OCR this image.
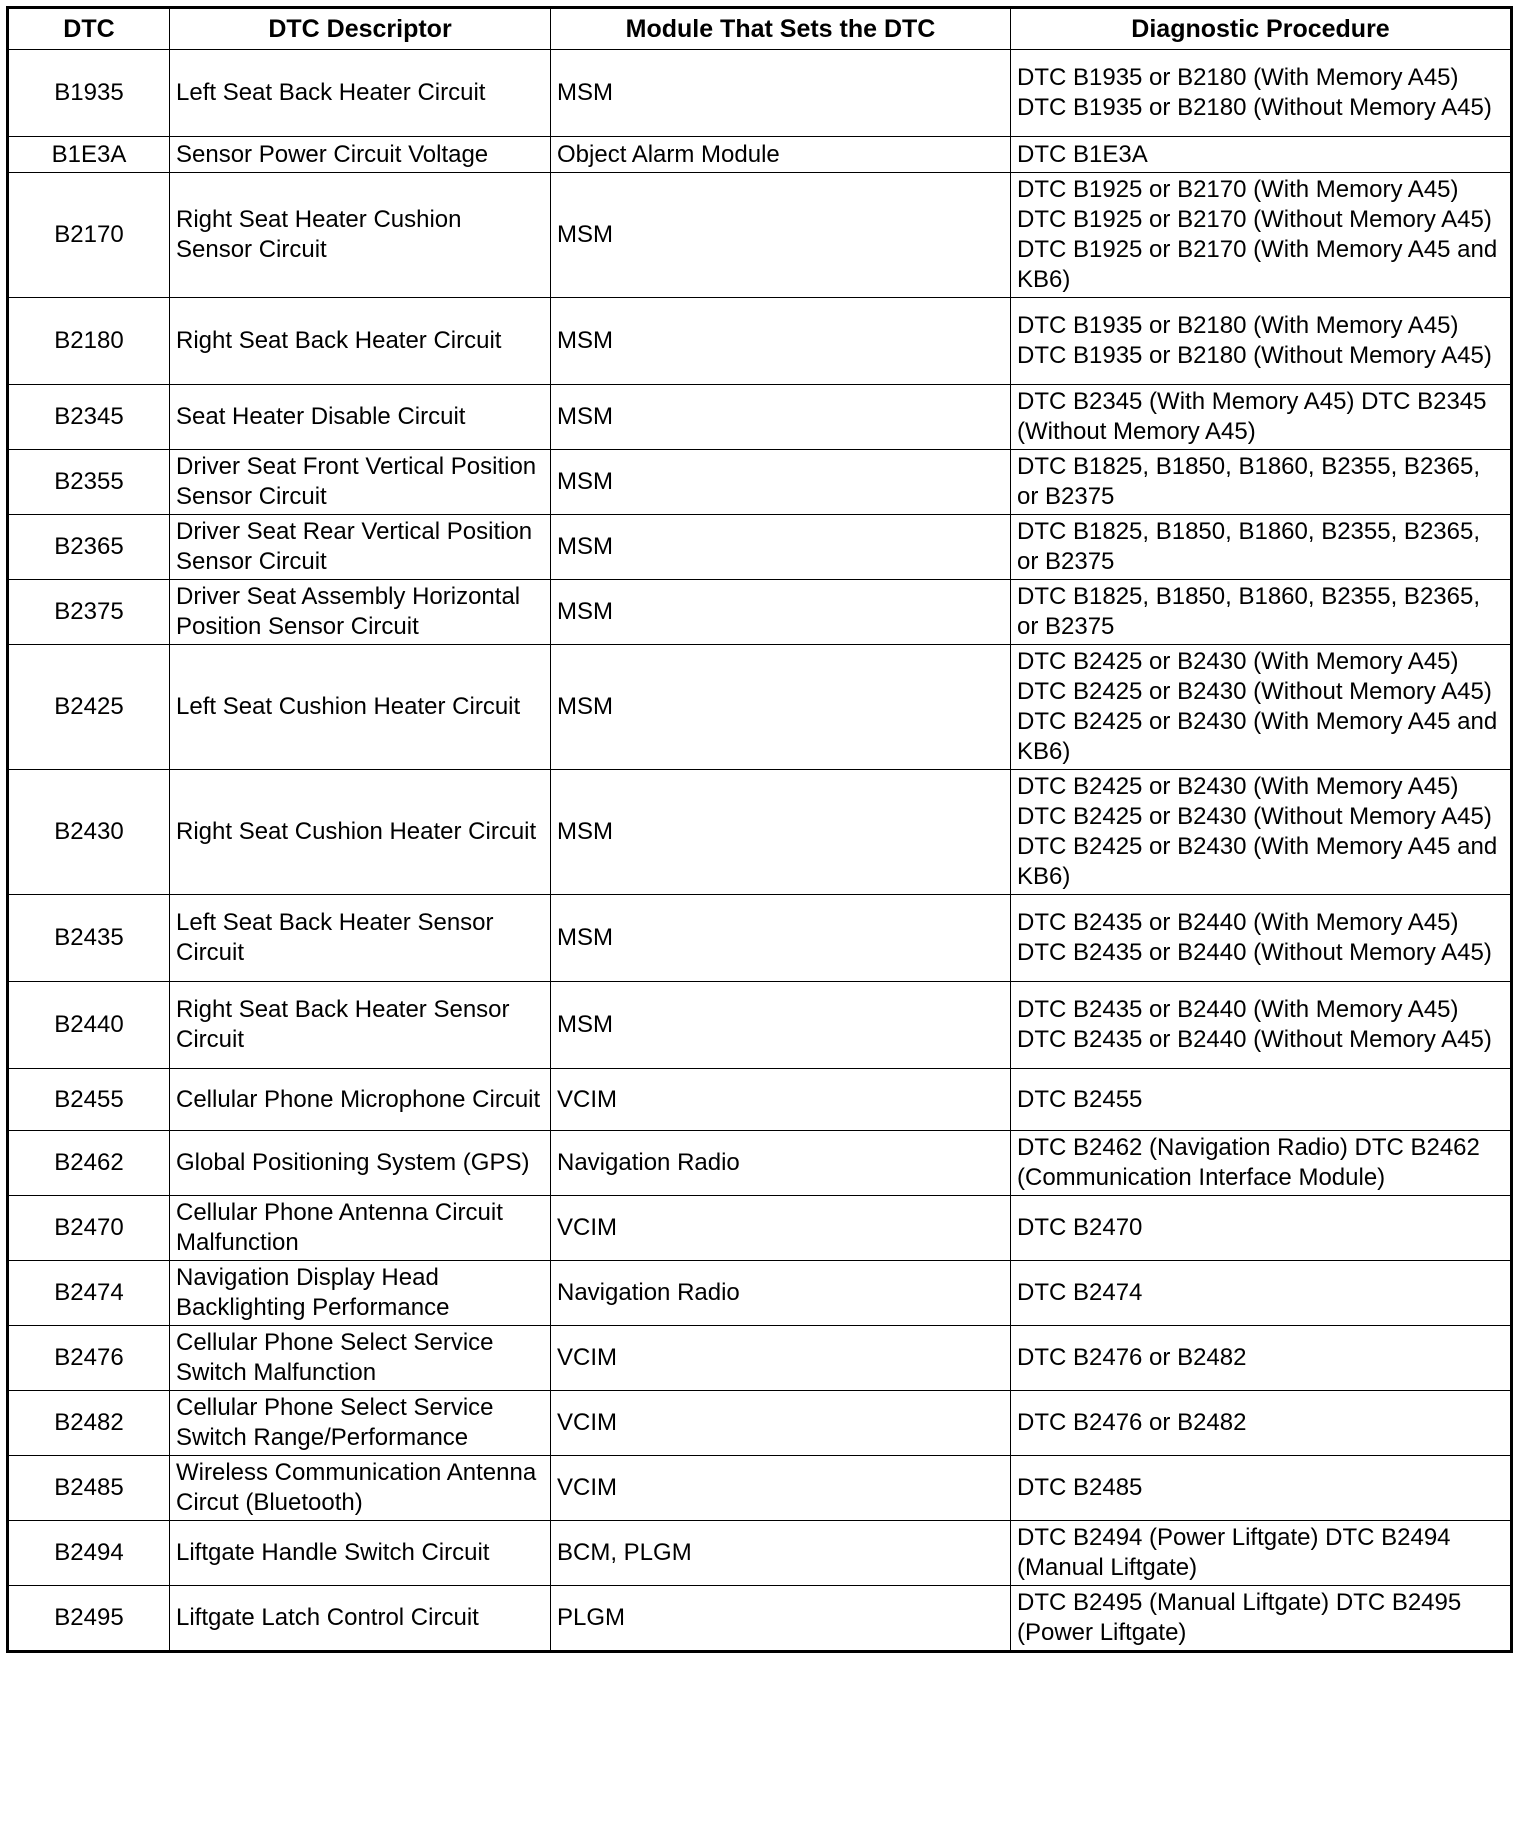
DTC	DTC Descriptor	Module That Sets the DTC	Diagnostic Procedure
B1935	Left Seat Back Heater Circuit	MSM	DTC B1935 or B2180 (With Memory A45) DTC B1935 or B2180 (Without Memory A45)
B1E3A	Sensor Power Circuit Voltage	Object Alarm Module	DTC B1E3A
B2170	Right Seat Heater Cushion Sensor Circuit	MSM	DTC B1925 or B2170 (With Memory A45) DTC B1925 or B2170 (Without Memory A45) DTC B1925 or B2170 (With Memory A45 and KB6)
B2180	Right Seat Back Heater Circuit	MSM	DTC B1935 or B2180 (With Memory A45) DTC B1935 or B2180 (Without Memory A45)
B2345	Seat Heater Disable Circuit	MSM	DTC B2345 (With Memory A45) DTC B2345 (Without Memory A45)
B2355	Driver Seat Front Vertical Position Sensor Circuit	MSM	DTC B1825, B1850, B1860, B2355, B2365, or B2375
B2365	Driver Seat Rear Vertical Position Sensor Circuit	MSM	DTC B1825, B1850, B1860, B2355, B2365, or B2375
B2375	Driver Seat Assembly Horizontal Position Sensor Circuit	MSM	DTC B1825, B1850, B1860, B2355, B2365, or B2375
B2425	Left Seat Cushion Heater Circuit	MSM	DTC B2425 or B2430 (With Memory A45) DTC B2425 or B2430 (Without Memory A45) DTC B2425 or B2430 (With Memory A45 and KB6)
B2430	Right Seat Cushion Heater Circuit	MSM	DTC B2425 or B2430 (With Memory A45) DTC B2425 or B2430 (Without Memory A45) DTC B2425 or B2430 (With Memory A45 and KB6)
B2435	Left Seat Back Heater Sensor Circuit	MSM	DTC B2435 or B2440 (With Memory A45) DTC B2435 or B2440 (Without Memory A45)
B2440	Right Seat Back Heater Sensor Circuit	MSM	DTC B2435 or B2440 (With Memory A45) DTC B2435 or B2440 (Without Memory A45)
B2455	Cellular Phone Microphone Circuit	VCIM	DTC B2455
B2462	Global Positioning System (GPS)	Navigation Radio	DTC B2462 (Navigation Radio) DTC B2462 (Communication Interface Module)
B2470	Cellular Phone Antenna Circuit Malfunction	VCIM	DTC B2470
B2474	Navigation Display Head Backlighting Performance	Navigation Radio	DTC B2474
B2476	Cellular Phone Select Service Switch Malfunction	VCIM	DTC B2476 or B2482
B2482	Cellular Phone Select Service Switch Range/Performance	VCIM	DTC B2476 or B2482
B2485	Wireless Communication Antenna Circut (Bluetooth)	VCIM	DTC B2485
B2494	Liftgate Handle Switch Circuit	BCM, PLGM	DTC B2494 (Power Liftgate) DTC B2494 (Manual Liftgate)
B2495	Liftgate Latch Control Circuit	PLGM	DTC B2495 (Manual Liftgate) DTC B2495 (Power Liftgate)
